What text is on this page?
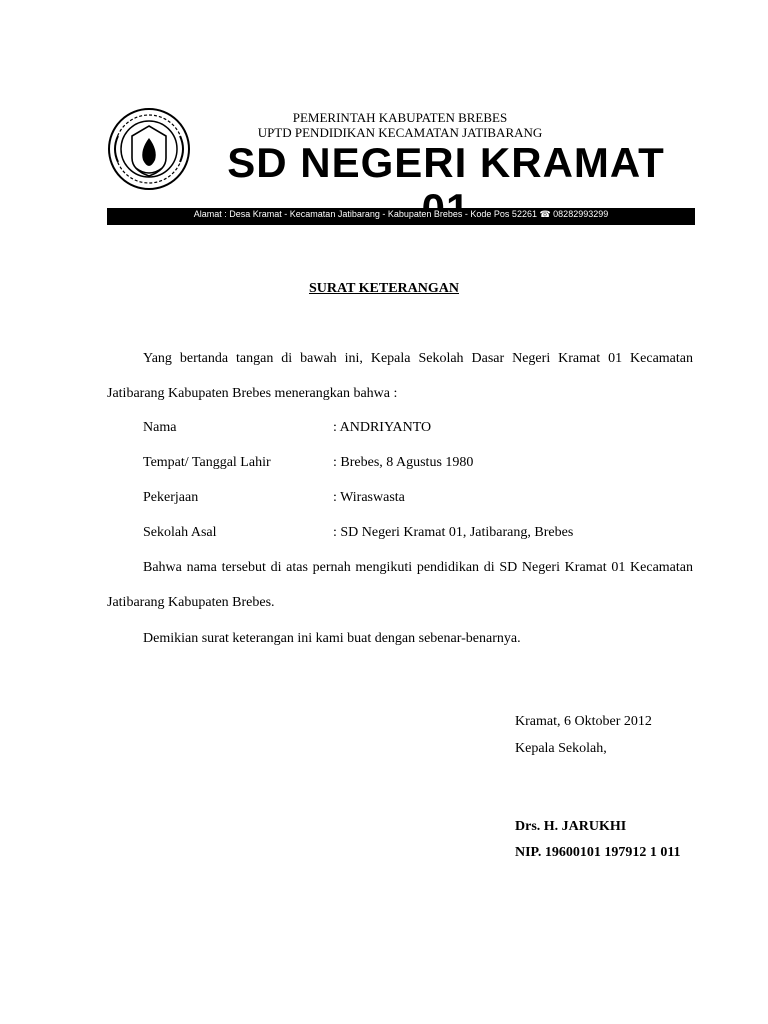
PEMERINTAH KABUPATEN BREBES
UPTD PENDIDIKAN KECAMATAN JATIBARANG
SD NEGERI KRAMAT
Alamat : Desa Kramat - Kecamatan Jatibarang - Kabupaten Brebes - Kode Pos 52261 ☎ 08282993299
SURAT KETERANGAN
Yang bertanda tangan di bawah ini, Kepala Sekolah Dasar Negeri Kramat 01 Kecamatan Jatibarang Kabupaten Brebes menerangkan bahwa :
Nama	: ANDRIYANTO
Tempat/ Tanggal Lahir	: Brebes, 8 Agustus 1980
Pekerjaan	: Wiraswasta
Sekolah Asal	: SD Negeri Kramat 01, Jatibarang, Brebes
Bahwa nama tersebut di atas pernah mengikuti pendidikan di SD Negeri Kramat 01 Kecamatan Jatibarang Kabupaten Brebes.
Demikian surat keterangan ini kami buat dengan sebenar-benarnya.
Kramat, 6 Oktober 2012
Kepala Sekolah,
Drs. H. JARUKHI
NIP. 19600101 197912 1 011
